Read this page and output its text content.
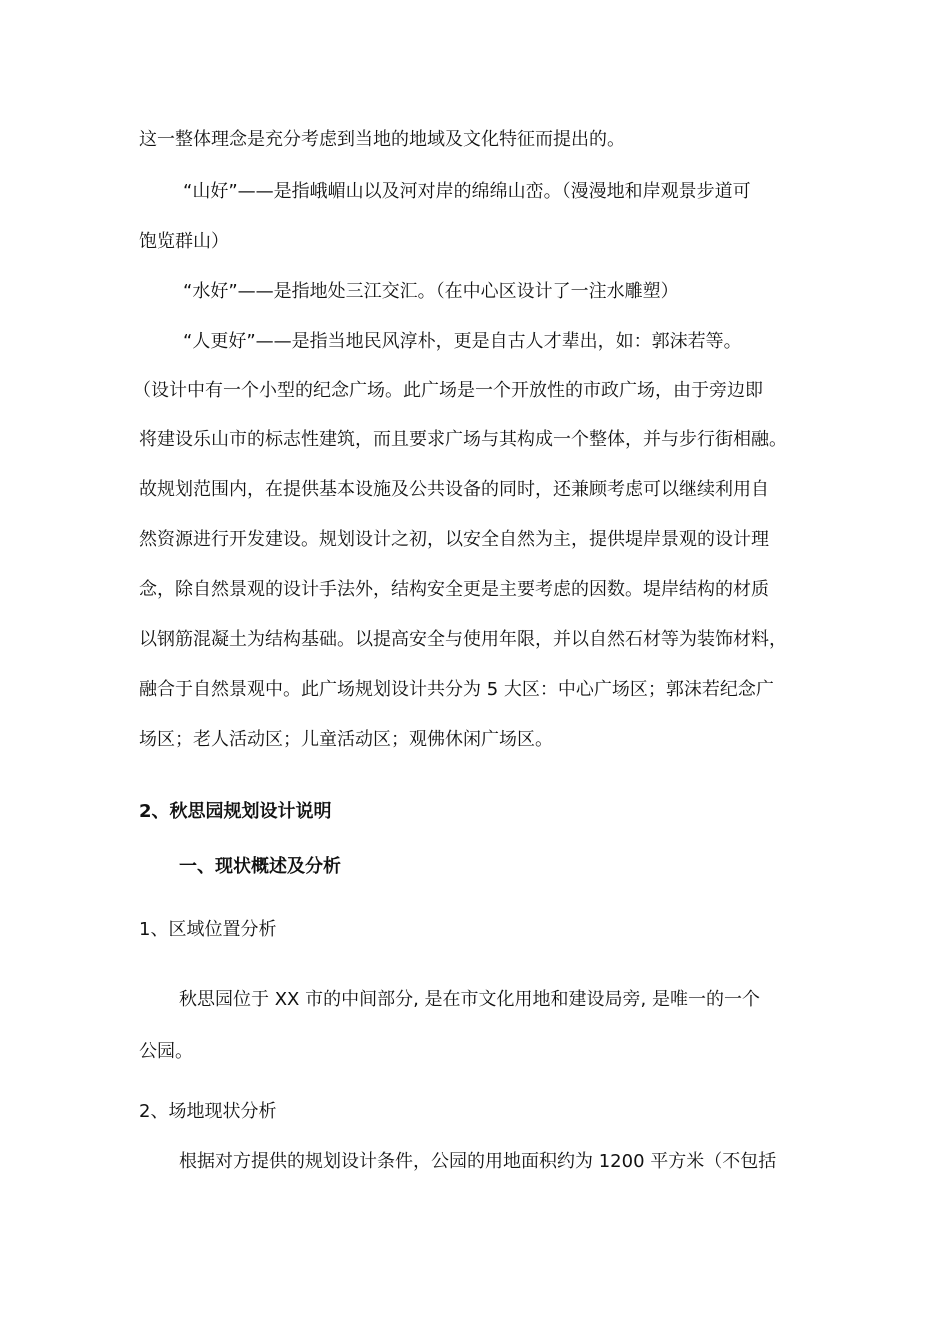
这一整体理念是充分考虑到当地的地域及文化特征而提出的。
“山好”——是指峨嵋山以及河对岸的绵绵山峦。（漫漫地和岸观景步道可
饱览群山）
“水好”——是指地处三江交汇。（在中心区设计了一注水雕塑）
“人更好”——是指当地民风淳朴，更是自古人才辈出，如：郭沫若等。
（设计中有一个小型的纪念广场。此广场是一个开放性的市政广场，由于旁边即
将建设乐山市的标志性建筑，而且要求广场与其构成一个整体，并与步行街相融。
故规划范围内，在提供基本设施及公共设备的同时，还兼顾考虑可以继续利用自
然资源进行开发建设。规划设计之初，以安全自然为主，提供堤岸景观的设计理
念，除自然景观的设计手法外，结构安全更是主要考虑的因数。堤岸结构的材质
以钢筋混凝土为结构基础。以提高安全与使用年限，并以自然石材等为装饰材料，
融合于自然景观中。此广场规划设计共分为 5 大区：中心广场区；郭沫若纪念广
场区；老人活动区；儿童活动区；观佛休闲广场区。
2、秋思园规划设计说明
一、现状概述及分析
1、区域位置分析
秋思园位于 XX 市的中间部分, 是在市文化用地和建设局旁, 是唯一的一个
公园。
2、场地现状分析
根据对方提供的规划设计条件，公园的用地面积约为 1200 平方米（不包括
